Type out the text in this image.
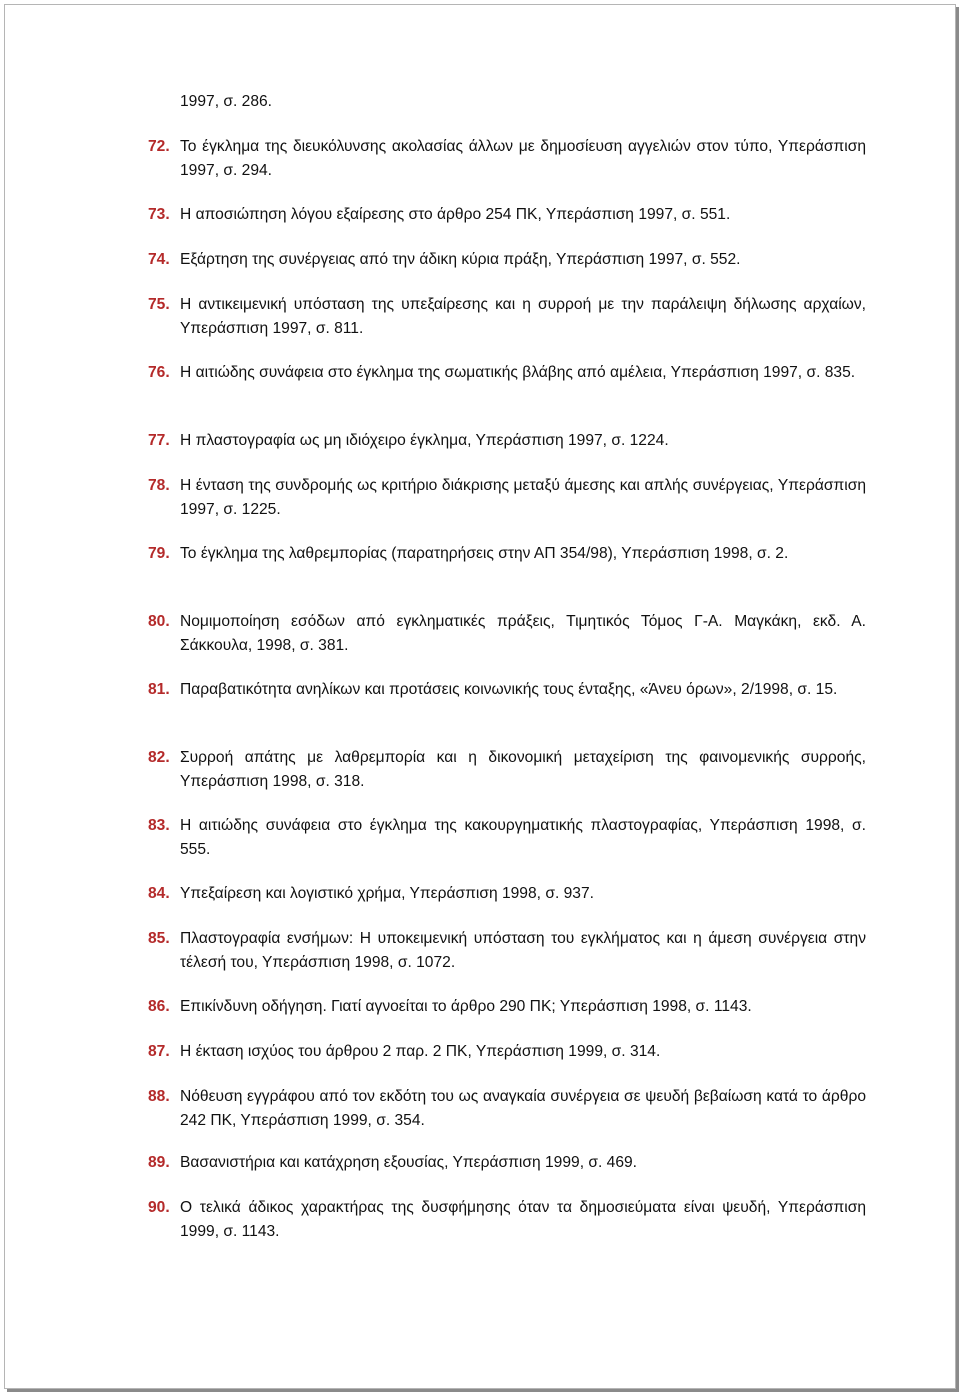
1997, σ. 286.
72. Το έγκλημα της διευκόλυνσης ακολασίας άλλων με δημοσίευση αγγελιών στον τύπο, Υπεράσπιση 1997, σ. 294.
73. Η αποσιώπηση λόγου εξαίρεσης στο άρθρο 254 ΠΚ, Υπεράσπιση 1997, σ. 551.
74. Εξάρτηση της συνέργειας από την άδικη κύρια πράξη, Υπεράσπιση 1997, σ. 552.
75. Η αντικειμενική υπόσταση της υπεξαίρεσης και η συρροή με την παράλειψη δήλωσης αρχαίων, Υπεράσπιση 1997, σ. 811.
76. Η αιτιώδης συνάφεια στο έγκλημα της σωματικής βλάβης από αμέλεια, Υπεράσπιση 1997, σ. 835.
77. Η πλαστογραφία ως μη ιδιόχειρο έγκλημα, Υπεράσπιση 1997, σ. 1224.
78. Η ένταση της συνδρομής ως κριτήριο διάκρισης μεταξύ άμεσης και απλής συνέργειας, Υπεράσπιση 1997, σ. 1225.
79. Το έγκλημα της λαθρεμπορίας (παρατηρήσεις στην ΑΠ 354/98), Υπεράσπιση 1998, σ. 2.
80. Νομιμοποίηση εσόδων από εγκληματικές πράξεις, Τιμητικός Τόμος Γ-Α. Μαγκάκη, εκδ. Α. Σάκκουλα, 1998, σ. 381.
81. Παραβατικότητα ανηλίκων και προτάσεις κοινωνικής τους ένταξης, «Άνευ όρων», 2/1998, σ. 15.
82. Συρροή απάτης με λαθρεμπορία και η δικονομική μεταχείριση της φαινομενικής συρροής, Υπεράσπιση 1998, σ. 318.
83. Η αιτιώδης συνάφεια στο έγκλημα της κακουργηματικής πλαστογραφίας, Υπεράσπιση 1998, σ. 555.
84. Υπεξαίρεση και λογιστικό χρήμα, Υπεράσπιση 1998, σ. 937.
85. Πλαστογραφία ενσήμων: Η υποκειμενική υπόσταση του εγκλήματος και η άμεση συνέργεια στην τέλεσή του, Υπεράσπιση 1998, σ. 1072.
86. Επικίνδυνη οδήγηση. Γιατί αγνοείται το άρθρο 290 ΠΚ; Υπεράσπιση 1998, σ. 1143.
87. Η έκταση ισχύος του άρθρου 2 παρ. 2 ΠΚ, Υπεράσπιση 1999, σ. 314.
88. Νόθευση εγγράφου από τον εκδότη του ως αναγκαία συνέργεια σε ψευδή βεβαίωση κατά το άρθρο 242 ΠΚ, Υπεράσπιση 1999, σ. 354.
89. Βασανιστήρια και κατάχρηση εξουσίας, Υπεράσπιση 1999, σ. 469.
90. Ο τελικά άδικος χαρακτήρας της δυσφήμησης όταν τα δημοσιεύματα είναι ψευδή, Υπεράσπιση 1999, σ. 1143.
